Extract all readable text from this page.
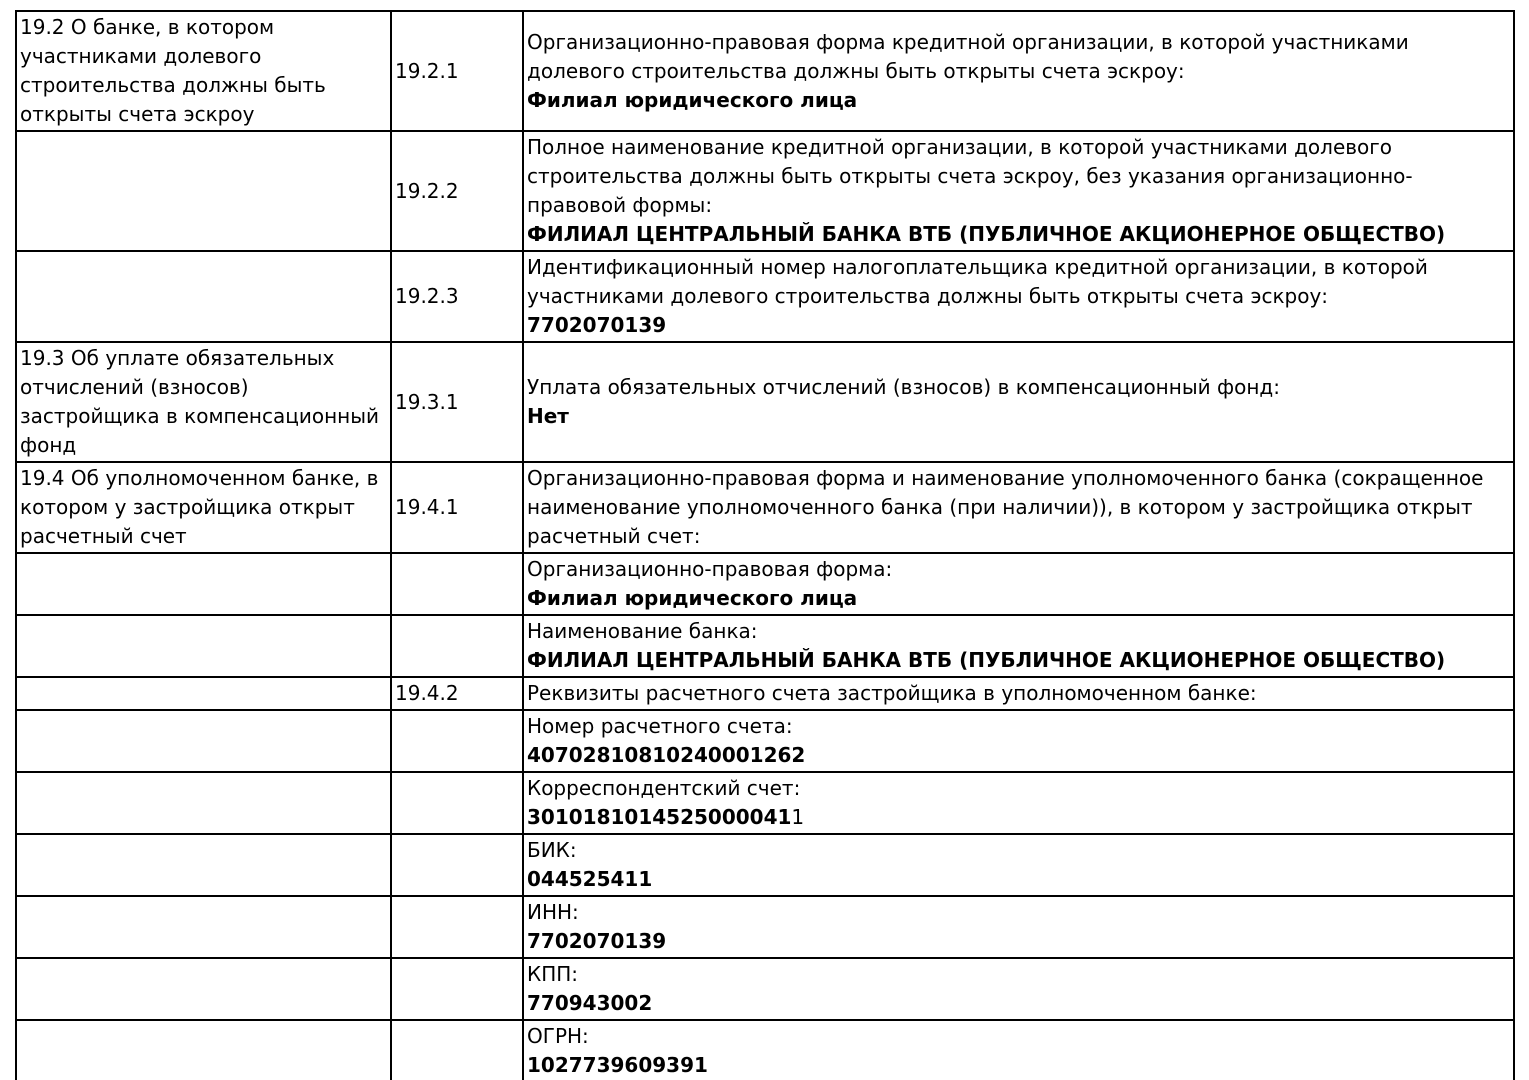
19.2 О банке, в котором участниками долевого строительства должны быть открыты счета эскроу	19.2.1	Организационно-правовая форма кредитной организации, в которой участниками долевого строительства должны быть открыты счета эскроу:
Филиал юридического лица

	19.2.2	Полное наименование кредитной организации, в которой участниками долевого строительства должны быть открыты счета эскроу, без указания организационно-правовой формы:
ФИЛИАЛ ЦЕНТРАЛЬНЫЙ БАНКА ВТБ (ПУБЛИЧНОЕ АКЦИОНЕРНОЕ ОБЩЕСТВО)

	19.2.3	Идентификационный номер налогоплательщика кредитной организации, в которой участниками долевого строительства должны быть открыты счета эскроу:
7702070139

19.3 Об уплате обязательных отчислений (взносов) застройщика в компенсационный фонд	19.3.1	Уплата обязательных отчислений (взносов) в компенсационный фонд:
Нет

19.4 Об уполномоченном банке, в котором у застройщика открыт расчетный счет	19.4.1	Организационно-правовая форма и наименование уполномоченного банка (сокращенное наименование уполномоченного банка (при наличии)), в котором у застройщика открыт расчетный счет:

		Организационно-правовая форма:
Филиал юридического лица

		Наименование банка:
ФИЛИАЛ ЦЕНТРАЛЬНЫЙ БАНКА ВТБ (ПУБЛИЧНОЕ АКЦИОНЕРНОЕ ОБЩЕСТВО)

	19.4.2	Реквизиты расчетного счета застройщика в уполномоченном банке:

		Номер расчетного счета:
40702810810240001262

		Корреспондентский счет:
30101810145250000411

		БИК:
044525411

		ИНН:
7702070139

		КПП:
770943002

		ОГРН:
1027739609391
